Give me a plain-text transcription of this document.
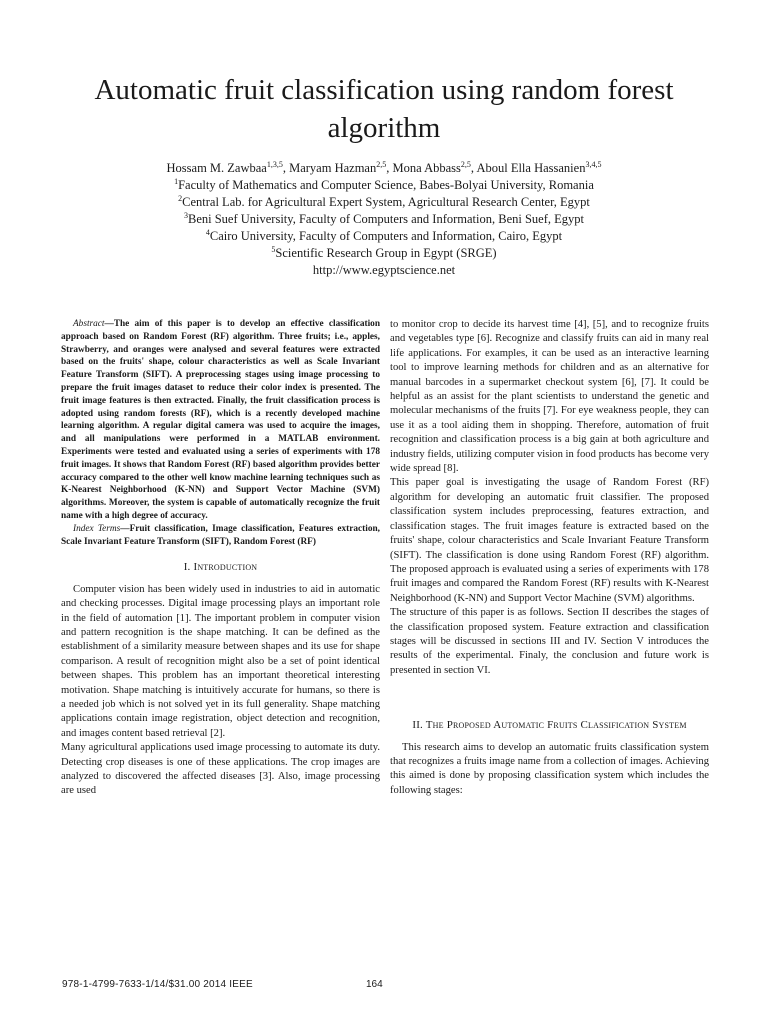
Automatic fruit classification using random forest algorithm
Hossam M. Zawbaa$^{1,3,5}$, Maryam Hazman$^{2,5}$, Mona Abbass$^{2,5}$, Aboul Ella Hassanien$^{3,4,5}$
$^1$Faculty of Mathematics and Computer Science, Babes-Bolyai University, Romania
$^2$Central Lab. for Agricultural Expert System, Agricultural Research Center, Egypt
$^3$Beni Suef University, Faculty of Computers and Information, Beni Suef, Egypt
$^4$Cairo University, Faculty of Computers and Information, Cairo, Egypt
$^5$Scientific Research Group in Egypt (SRGE)
http://www.egyptscience.net

Abstract—The aim of this paper is to develop an effective classification approach based on Random Forest (RF) algorithm. Three fruits; i.e., apples, Strawberry, and oranges were analysed and several features were extracted based on the fruits' shape, colour characteristics as well as Scale Invariant Feature Transform (SIFT). A preprocessing stages using image processing to prepare the fruit images dataset to reduce their color index is presented. The fruit image features is then extracted. Finally, the fruit classification process is adopted using random forests (RF), which is a recently developed machine learning algorithm. A regular digital camera was used to acquire the images, and all manipulations were performed in a MATLAB environment. Experiments were tested and evaluated using a series of experiments with 178 fruit images. It shows that Random Forest (RF) based algorithm provides better accuracy compared to the other well know machine learning techniques such as K-Nearest Neighborhood (K-NN) and Support Vector Machine (SVM) algorithms. Moreover, the system is capable of automatically recognize the fruit name with a high degree of accuracy.

Index Terms—Fruit classification, Image classification, Features extraction, Scale Invariant Feature Transform (SIFT), Random Forest (RF)

I. Introduction

Computer vision has been widely used in industries to aid in automatic and checking processes. Digital image processing plays an important role in the field of automation [1]. The important problem in computer vision and pattern recognition is the shape matching. It can be defined as the establishment of a similarity measure between shapes and its use for shape comparison. A result of recognition might also be a set of point identical between shapes. This problem has an important theoretical interesting motivation. Shape matching is intuitively accurate for humans, so there is a needed job which is not solved yet in its full generality. Shape matching applications contain image registration, object detection and recognition, and images content based retrieval [2].

Many agricultural applications used image processing to automate its duty. Detecting crop diseases is one of these applications. The crop images are analyzed to discovered the affected diseases [3]. Also, image processing are used

to monitor crop to decide its harvest time [4], [5], and to recognize fruits and vegetables type [6]. Recognize and classify fruits can aid in many real life applications. For examples, it can be used as an interactive learning tool to improve learning methods for children and as an alternative for manual barcodes in a supermarket checkout system [6], [7]. It could be helpful as an assist for the plant scientists to understand the genetic and molecular mechanisms of the fruits [7]. For eye weakness people, they can use it as a tool aiding them in shopping. Therefore, automation of fruit recognition and classification process is a big gain at both agriculture and industry fields, utilizing computer vision in food products has become very wide spread [8].

This paper goal is investigating the usage of Random Forest (RF) algorithm for developing an automatic fruit classifier. The proposed classification system includes preprocessing, features extraction, and classification stages. The fruit images feature is extracted based on the fruits' shape, colour characteristics and Scale Invariant Feature Transform (SIFT). The classification is done using Random Forest (RF) algorithm. The proposed approach is evaluated using a series of experiments with 178 fruit images and compared the Random Forest (RF) results with K-Nearest Neighborhood (K-NN) and Support Vector Machine (SVM) algorithms.

The structure of this paper is as follows. Section II describes the stages of the classification proposed system. Feature extraction and classification stages will be discussed in sections III and IV. Section V introduces the results of the experimental. Finaly, the conclusion and future work is presented in section VI.

II. The Proposed Automatic Fruits Classification System

This research aims to develop an automatic fruits classification system that recognizes a fruits image name from a collection of images. Achieving this aimed is done by proposing classification system which includes the following stages:

978-1-4799-7633-1/14/$31.00 2014 IEEE	164
